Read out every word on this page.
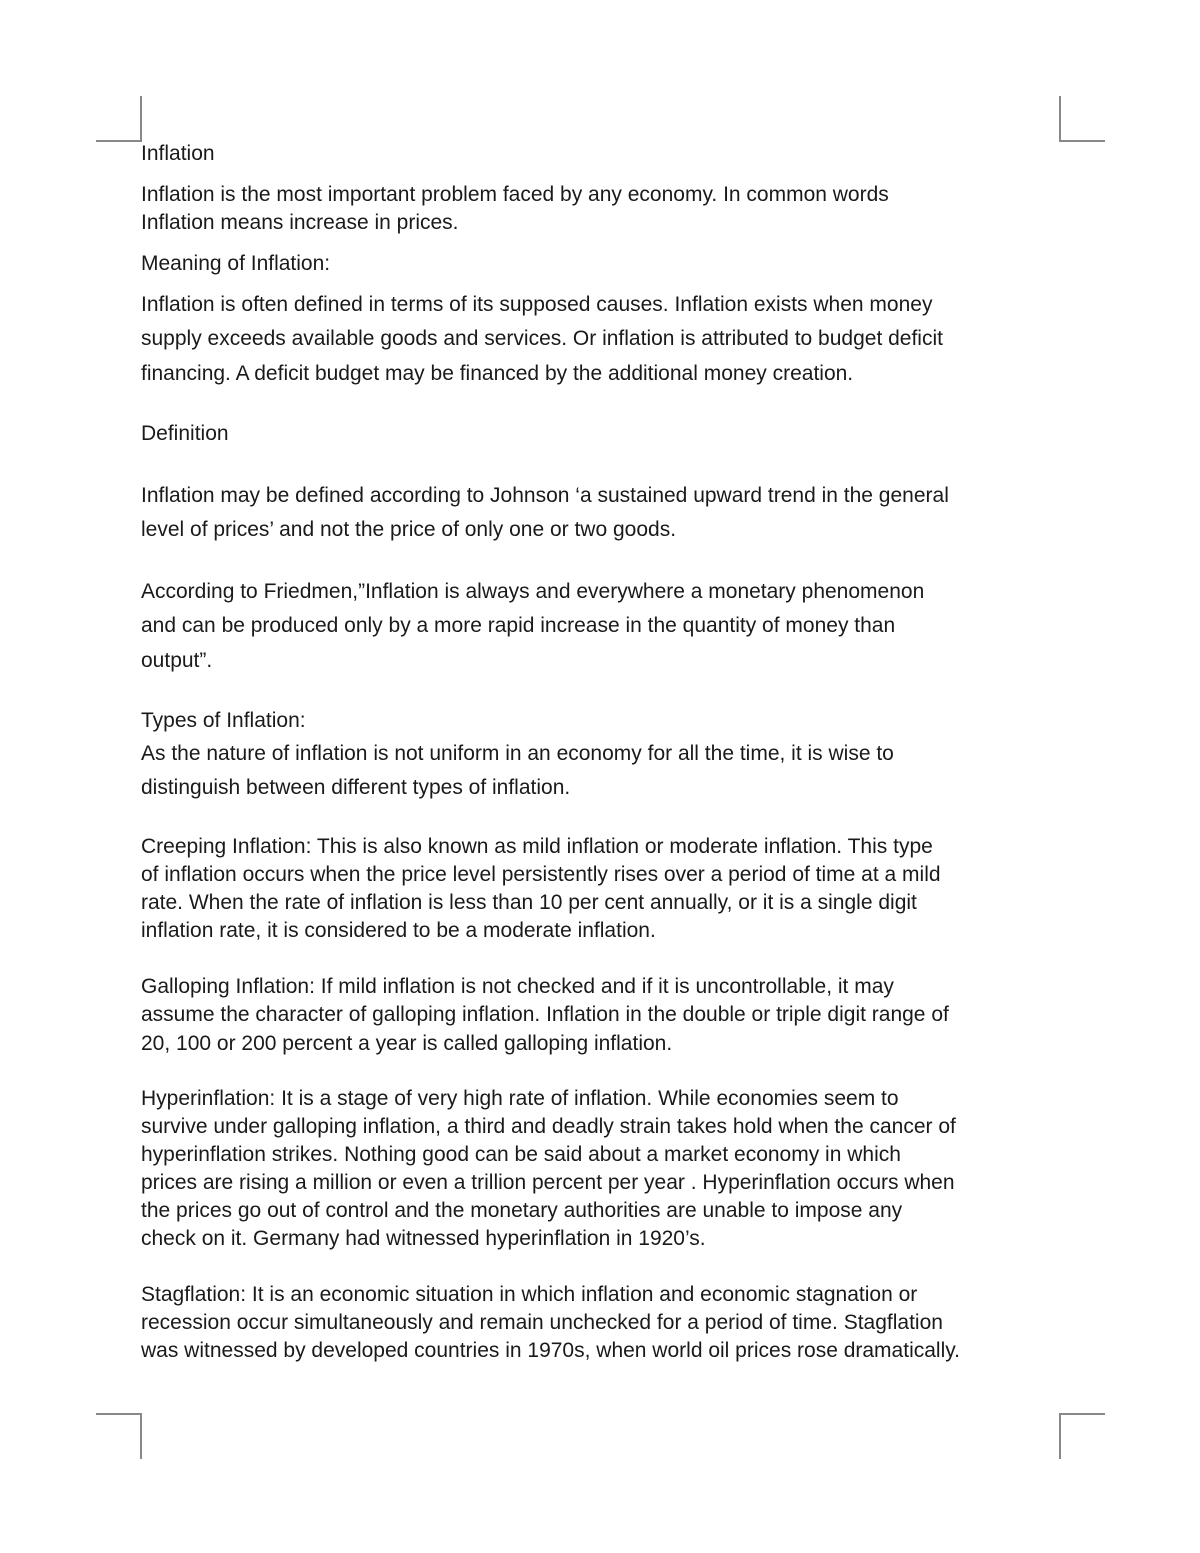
Inflation
Inflation is the most important problem faced by any economy. In common words
Inflation means increase in prices.
Meaning of Inflation:
Inflation is often defined in terms of its supposed causes. Inflation exists when money
supply exceeds available goods and services. Or inflation is attributed to budget deficit
financing. A deficit budget may be financed by the additional money creation.
Definition
Inflation may be defined according to Johnson ‘a sustained upward trend in the general
level of prices’ and not the price of only one or two goods.
According to Friedmen,”Inflation is always and everywhere a monetary phenomenon
and can be produced only by a more rapid increase in the quantity of money than
output”.
Types of Inflation:
As the nature of inflation is not uniform in an economy for all the time, it is wise to
distinguish between different types of inflation.
Creeping Inflation: This is also known as mild inflation or moderate inflation. This type
of inflation occurs when the price level persistently rises over a period of time at a mild
rate. When the rate of inflation is less than 10 per cent annually, or it is a single digit
inflation rate, it is considered to be a moderate inflation.
Galloping Inflation: If mild inflation is not checked and if it is uncontrollable, it may
assume the character of galloping inflation. Inflation in the double or triple digit range of
20, 100 or 200 percent a year is called galloping inflation.
Hyperinflation: It is a stage of very high rate of inflation. While economies seem to
survive under galloping inflation, a third and deadly strain takes hold when the cancer of
hyperinflation strikes. Nothing good can be said about a market economy in which
prices are rising a million or even a trillion percent per year . Hyperinflation occurs when
the prices go out of control and the monetary authorities are unable to impose any
check on it. Germany had witnessed hyperinflation in 1920’s.
Stagflation: It is an economic situation in which inflation and economic stagnation or
recession occur simultaneously and remain unchecked for a period of time. Stagflation
was witnessed by developed countries in 1970s, when world oil prices rose dramatically.
